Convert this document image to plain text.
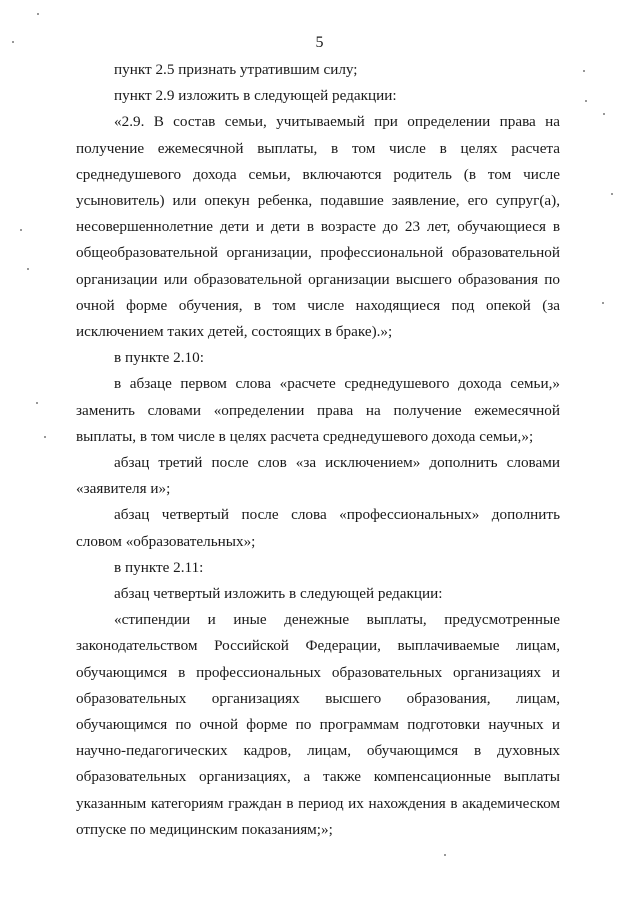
5

пункт 2.5 признать утратившим силу;

пункт 2.9 изложить в следующей редакции:

«2.9. В состав семьи, учитываемый при определении права на получение ежемесячной выплаты, в том числе в целях расчета среднедушевого дохода семьи, включаются родитель (в том числе усыновитель) или опекун ребенка, подавшие заявление, его супруг(а), несовершеннолетние дети и дети в возрасте до 23 лет, обучающиеся в общеобразовательной организации, профессиональной образовательной организации или образовательной организации высшего образования по очной форме обучения, в том числе находящиеся под опекой (за исключением таких детей, состоящих в браке).»;

в пункте 2.10:

в абзаце первом слова «расчете среднедушевого дохода семьи,» заменить словами «определении права на получение ежемесячной выплаты, в том числе в целях расчета среднедушевого дохода семьи,»;

абзац третий после слов «за исключением» дополнить словами «заявителя и»;

абзац четвертый после слова «профессиональных» дополнить словом «образовательных»;

в пункте 2.11:

абзац четвертый изложить в следующей редакции:

«стипендии и иные денежные выплаты, предусмотренные законодательством Российской Федерации, выплачиваемые лицам, обучающимся в профессиональных образовательных организациях и образовательных организациях высшего образования, лицам, обучающимся по очной форме по программам подготовки научных и научно-педагогических кадров, лицам, обучающимся в духовных образовательных организациях, а также компенсационные выплаты указанным категориям граждан в период их нахождения в академическом отпуске по медицинским показаниям;»;
